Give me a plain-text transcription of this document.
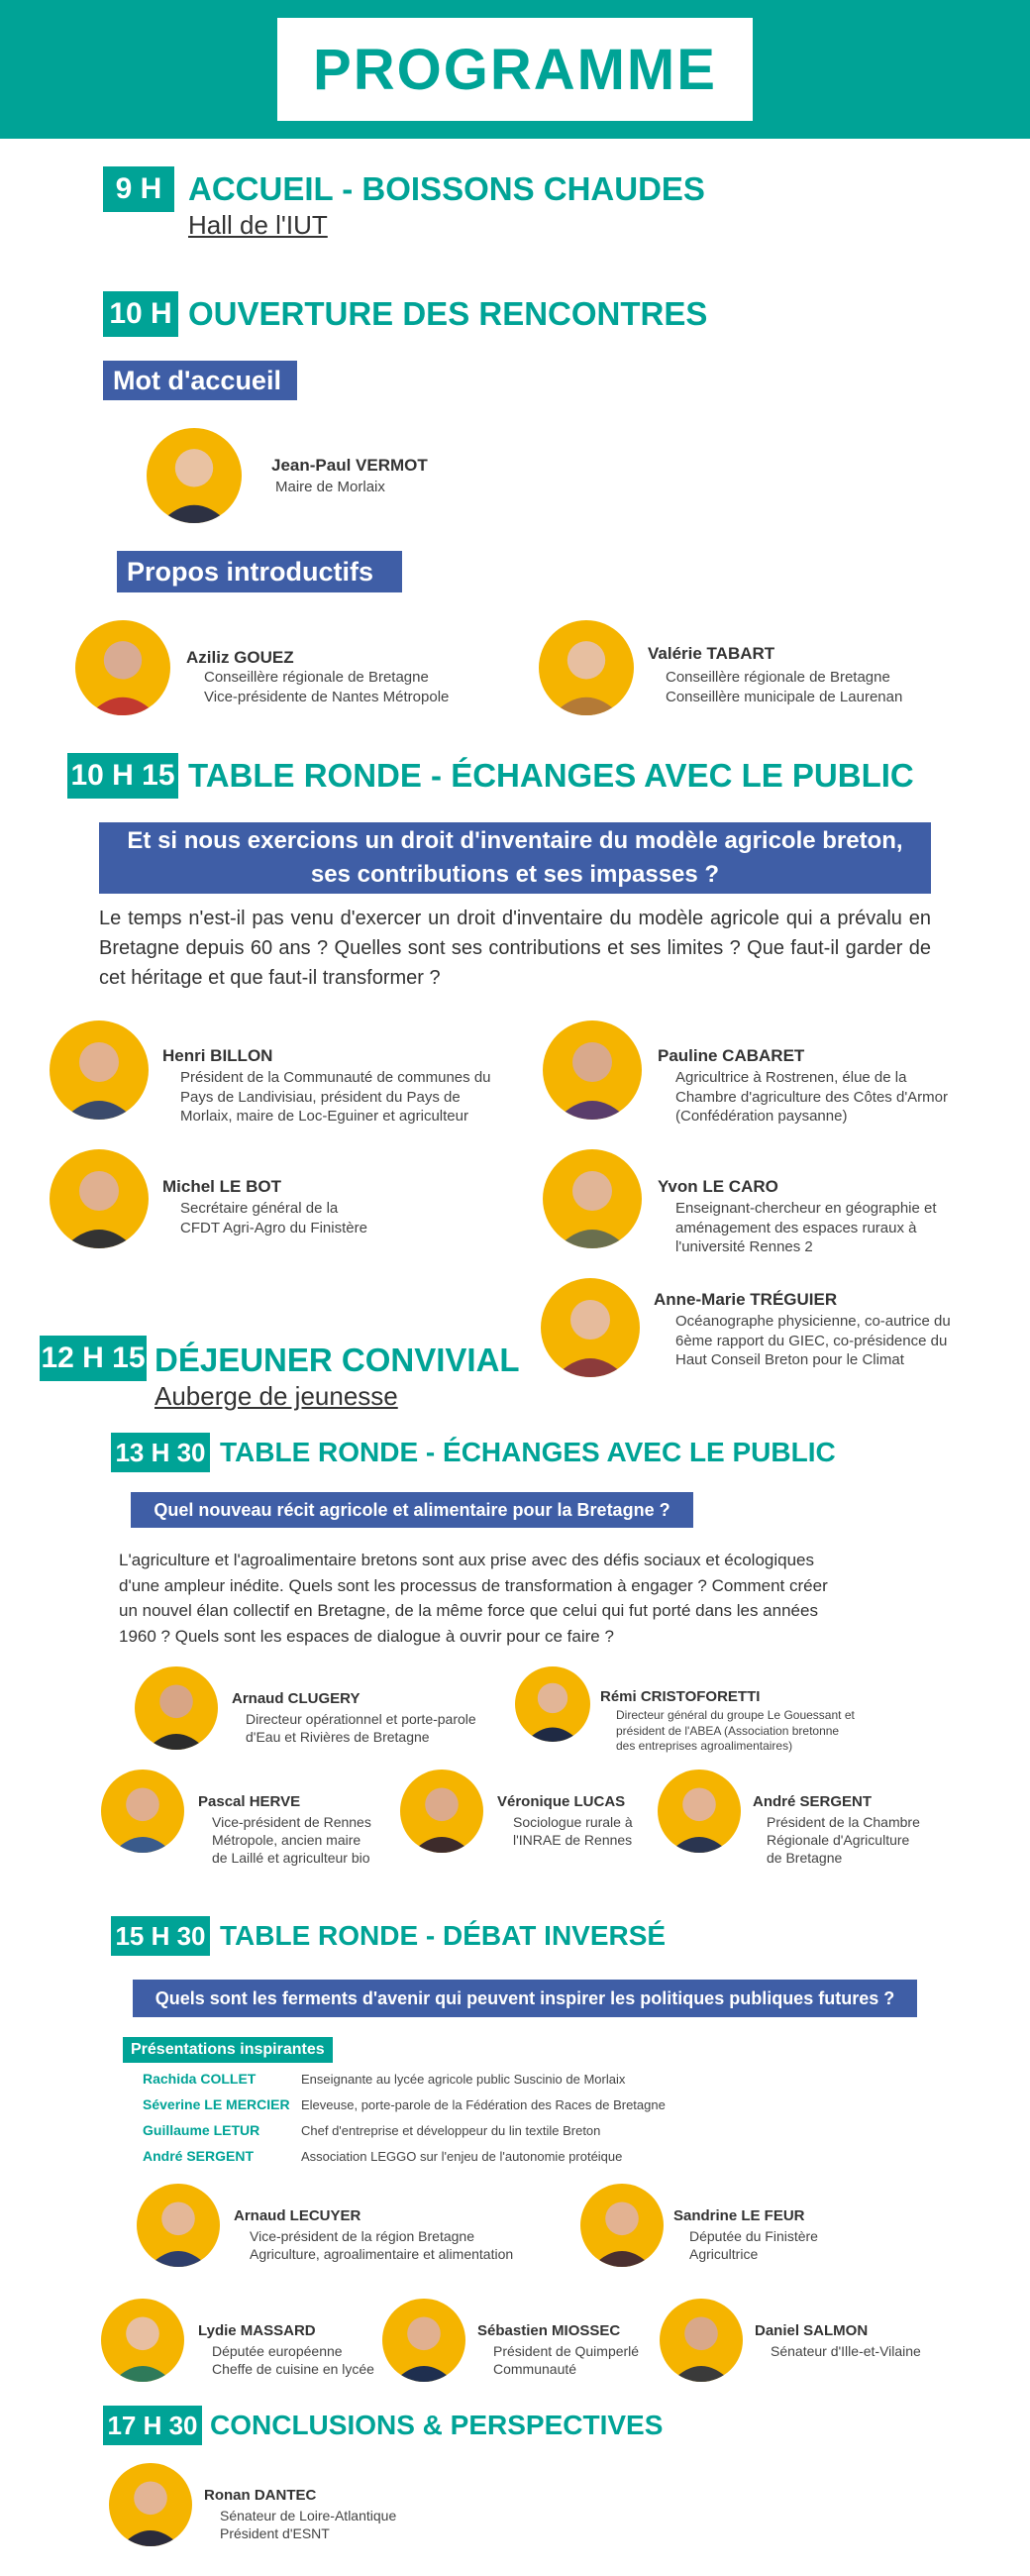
PROGRAMME
9 H ACCUEIL - BOISSONS CHAUDES
Hall de l'IUT
10 H OUVERTURE DES RENCONTRES
Mot d'accueil
Jean-Paul VERMOT
Maire de Morlaix
Propos introductifs
Aziliz GOUEZ
Conseillère régionale de Bretagne
Vice-présidente de Nantes Métropole
Valérie TABART
Conseillère régionale de Bretagne
Conseillère municipale de Laurenan
10 H 15 TABLE RONDE - ÉCHANGES AVEC LE PUBLIC
Et si nous exercions un droit d'inventaire du modèle agricole breton,
ses contributions et ses impasses ?
Le temps n'est-il pas venu d'exercer un droit d'inventaire du modèle agricole qui a prévalu en Bretagne depuis 60 ans ? Quelles sont ses contributions et ses limites ? Que faut-il garder de cet héritage et que faut-il transformer ?
Henri BILLON
Président de la Communauté de communes du
Pays de Landivisiau, président du Pays de
Morlaix, maire de Loc-Eguiner et agriculteur
Pauline CABARET
Agricultrice à Rostrenen, élue de la
Chambre d'agriculture des Côtes d'Armor
(Confédération paysanne)
Michel LE BOT
Secrétaire général de la
CFDT Agri-Agro du Finistère
Yvon LE CARO
Enseignant-chercheur en géographie et
aménagement des espaces ruraux à
l'université Rennes 2
Anne-Marie TRÉGUIER
Océanographe physicienne, co-autrice du
6ème rapport du GIEC, co-présidence du
Haut Conseil Breton pour le Climat
12 H 15 DÉJEUNER CONVIVIAL
Auberge de jeunesse
13 H 30 TABLE RONDE - ÉCHANGES AVEC LE PUBLIC
Quel nouveau récit agricole et alimentaire pour la Bretagne ?
L'agriculture et l'agroalimentaire bretons sont aux prise avec des défis sociaux et écologiques
d'une ampleur inédite. Quels sont les processus de transformation à engager ? Comment créer
un nouvel élan collectif en Bretagne, de la même force que celui qui fut porté dans les années
1960 ? Quels sont les espaces de dialogue à ouvrir pour ce faire ?
Arnaud CLUGERY
Directeur opérationnel et porte-parole
d'Eau et Rivières de Bretagne
Rémi CRISTOFORETTI
Directeur général du groupe Le Gouessant et
président de l'ABEA (Association bretonne
des entreprises agroalimentaires)
Pascal HERVE
Vice-président de Rennes
Métropole, ancien maire
de Laillé et agriculteur bio
Véronique LUCAS
Sociologue rurale à
l'INRAE de Rennes
André SERGENT
Président de la Chambre
Régionale d'Agriculture
de Bretagne
15 H 30 TABLE RONDE - DÉBAT INVERSÉ
Quels sont les ferments d'avenir qui peuvent inspirer les politiques publiques futures ?
Présentations inspirantes
Rachida COLLET	Enseignante au lycée agricole public Suscinio de Morlaix
Séverine LE MERCIER Eleveuse, porte-parole de la Fédération des Races de Bretagne
Guillaume LETUR	Chef d'entreprise et développeur du lin textile Breton
André SERGENT	Association LEGGO sur l'enjeu de l'autonomie protéique
Arnaud LECUYER
Vice-président de la région Bretagne
Agriculture, agroalimentaire et alimentation
Sandrine LE FEUR
Députée du Finistère
Agricultrice
Lydie MASSARD
Députée européenne
Cheffe de cuisine en lycée
Sébastien MIOSSEC
Président de Quimperlé
Communauté
Daniel SALMON
Sénateur d'Ille-et-Vilaine
17 H 30 CONCLUSIONS & PERSPECTIVES
Ronan DANTEC
Sénateur de Loire-Atlantique
Président d'ESNT
